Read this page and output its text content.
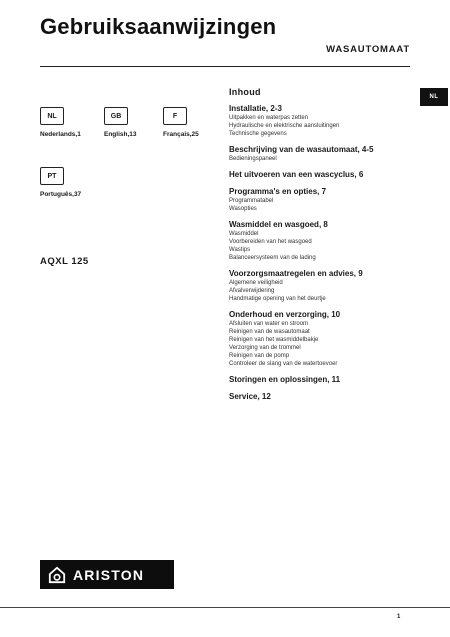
Gebruiksaanwijzingen
WASAUTOMAAT
NL
NL
Nederlands,1
GB
English,13
F
Français,25
PT
Português,37
AQXL 125
Inhoud
Installatie, 2-3
Uitpakken en waterpas zetten
Hydraulische en elektrische aansluitingen
Technische gegevens
Beschrijving van de wasautomaat, 4-5
Bedieningspaneel
Het uitvoeren van een wascyclus, 6
Programma's en opties, 7
Programmatabel
Wasopties
Wasmiddel en wasgoed, 8
Wasmiddel
Voorbereiden van het wasgoed
Wastips
Balanceersysteem van de lading
Voorzorgsmaatregelen en advies, 9
Algemene veiligheid
Afvalverwijdering
Handmatige opening van het deurtje
Onderhoud en verzorging, 10
Afsluiten van water en stroom
Reinigen van de wasautomaat
Reinigen van het wasmiddelbakje
Verzorging van de trommel
Reinigen van de pomp
Controleer de slang van de watertoevoer
Storingen en oplossingen, 11
Service, 12
ARISTON
1
